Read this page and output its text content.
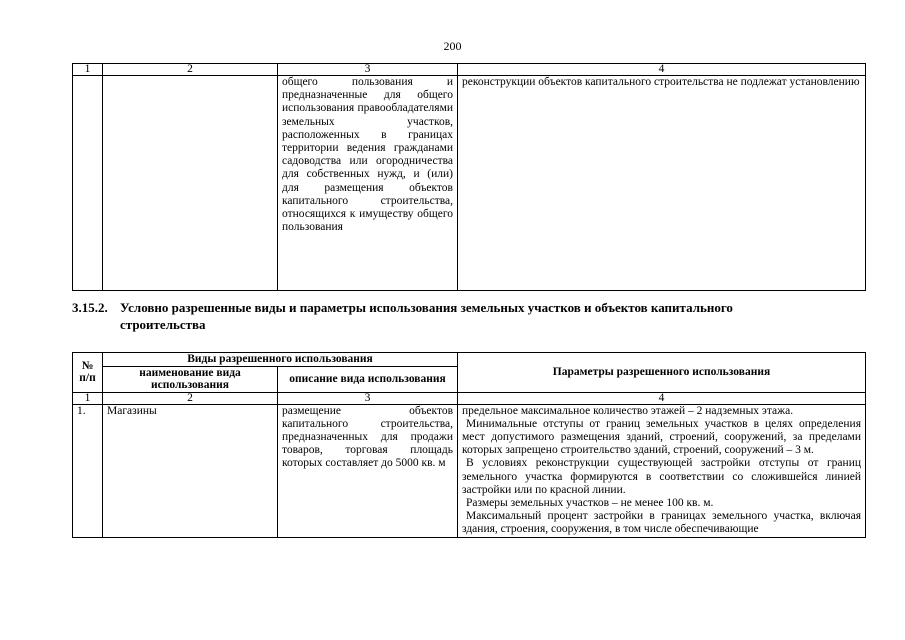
200
1	2	3	4
		общего пользования и предназначенные для общего использования правообладателями земельных участков, расположенных в границах территории ведения гражданами садоводства или огородничества для собственных нужд, и (или) для размещения объектов капитального строительства, относящихся к имуществу общего пользования	реконструкции объектов капитального строительства не подлежат установлению
3.15.2. Условно разрешенные виды и параметры использования земельных участков и объектов капитального
строительства
№ п/п	Виды разрешенного использования		Параметры разрешенного использования
	наименование вида использования	описание вида использования	
1	2	3	4
1.	Магазины	размещение объектов капитального строительства, предназначенных для продажи товаров, торговая площадь которых составляет до 5000 кв. м	предельное максимальное количество этажей – 2 надземных этажа.
Минимальные отступы от границ земельных участков в целях определения мест допустимого размещения зданий, строений, сооружений, за пределами которых запрещено строительство зданий, строений, сооружений – 3 м.
В условиях реконструкции существующей застройки отступы от границ земельного участка формируются в соответствии со сложившейся линией застройки или по красной линии.
Размеры земельных участков – не менее 100 кв. м.
Максимальный процент застройки в границах земельного участка, включая здания, строения, сооружения, в том числе обеспечивающие
